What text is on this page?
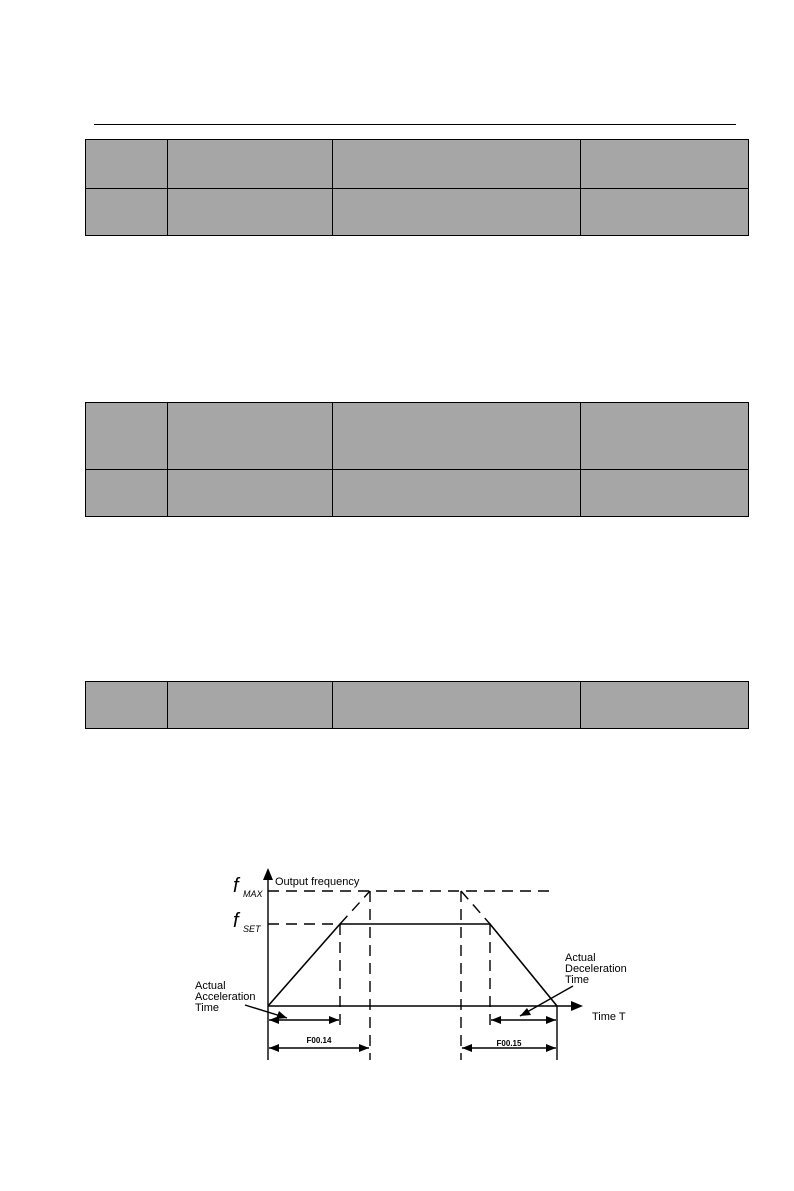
Output frequency
Time T
f MAX
f SET
Actual
Acceleration
Time
Actual
Deceleration
Time
F00.14	F00.15
